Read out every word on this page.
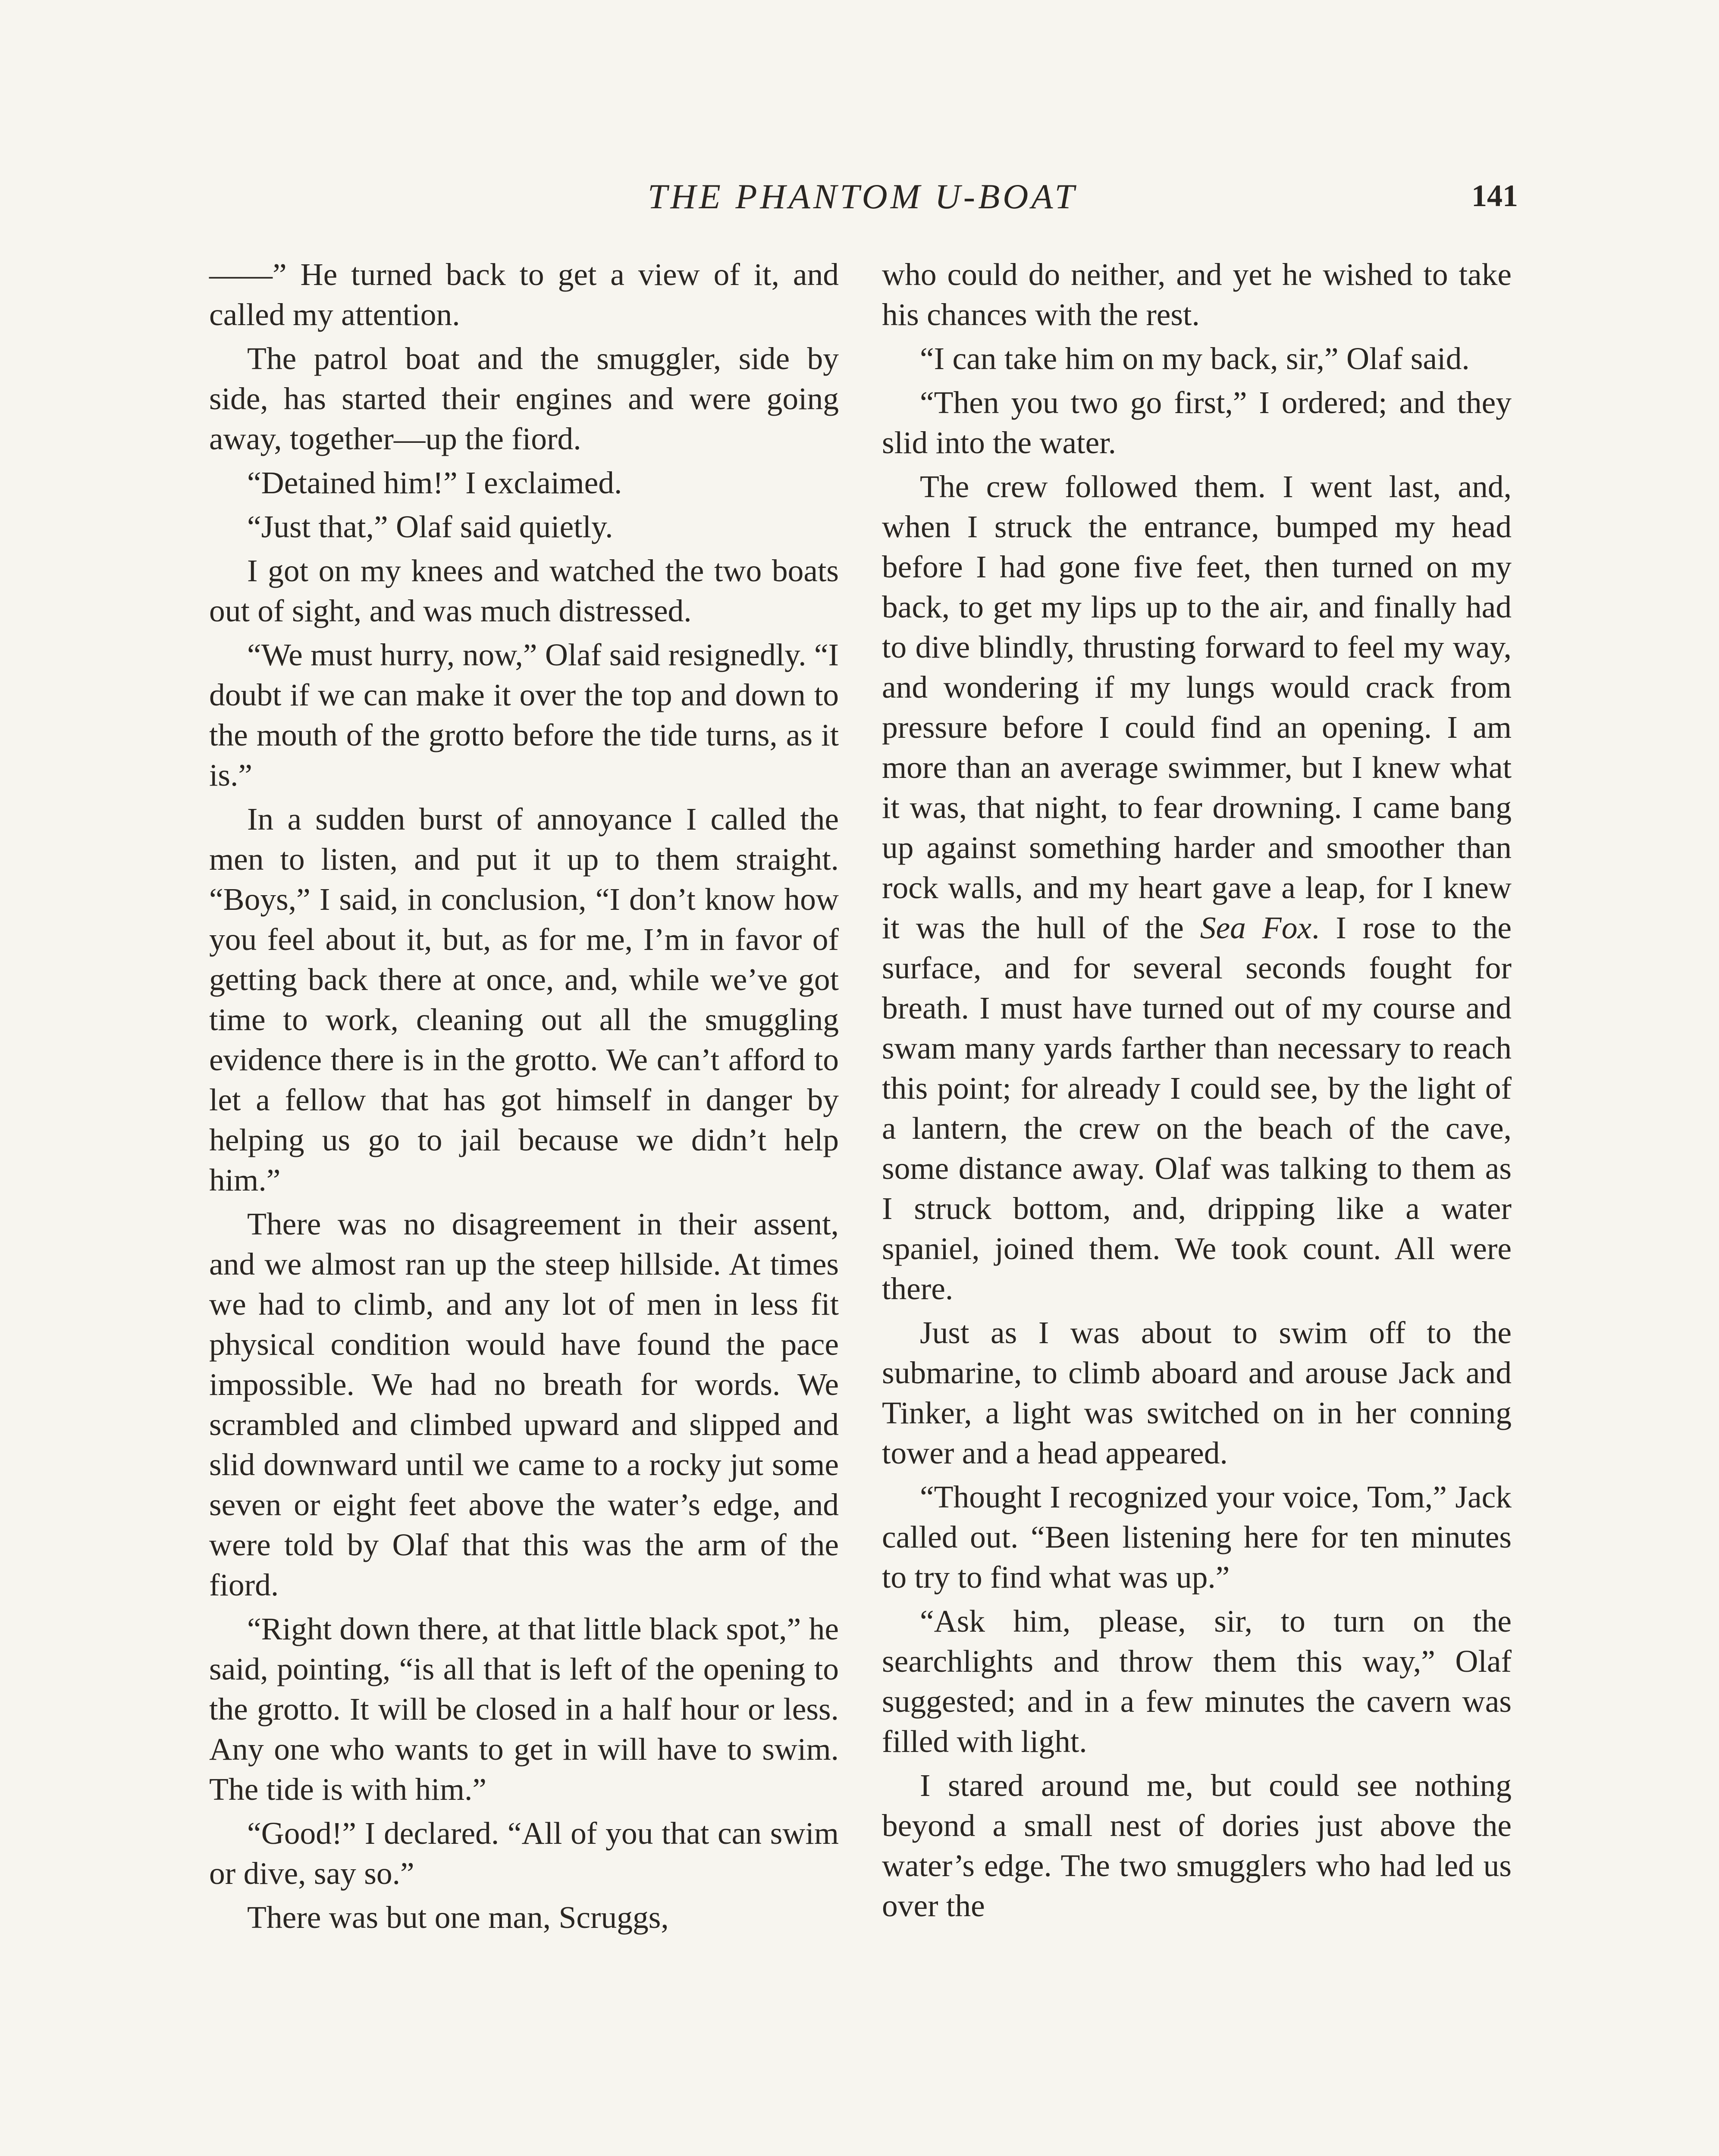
THE PHANTOM U-BOAT	141

——” He turned back to get a view of it, and called my attention.

The patrol boat and the smuggler, side by side, has started their engines and were going away, together—up the fiord.

“Detained him!” I exclaimed.

“Just that,” Olaf said quietly.

I got on my knees and watched the two boats out of sight, and was much distressed.

“We must hurry, now,” Olaf said resignedly. “I doubt if we can make it over the top and down to the mouth of the grotto before the tide turns, as it is.”

In a sudden burst of annoyance I called the men to listen, and put it up to them straight. “Boys,” I said, in conclusion, “I don’t know how you feel about it, but, as for me, I’m in favor of getting back there at once, and, while we’ve got time to work, cleaning out all the smuggling evidence there is in the grotto. We can’t afford to let a fellow that has got himself in danger by helping us go to jail because we didn’t help him.”

There was no disagreement in their assent, and we almost ran up the steep hillside. At times we had to climb, and any lot of men in less fit physical condition would have found the pace impossible. We had no breath for words. We scrambled and climbed upward and slipped and slid downward until we came to a rocky jut some seven or eight feet above the water’s edge, and were told by Olaf that this was the arm of the fiord.

“Right down there, at that little black spot,” he said, pointing, “is all that is left of the opening to the grotto. It will be closed in a half hour or less. Any one who wants to get in will have to swim. The tide is with him.”

“Good!” I declared. “All of you that can swim or dive, say so.”

There was but one man, Scruggs,

who could do neither, and yet he wished to take his chances with the rest.

“I can take him on my back, sir,” Olaf said.

“Then you two go first,” I ordered; and they slid into the water.

The crew followed them. I went last, and, when I struck the entrance, bumped my head before I had gone five feet, then turned on my back, to get my lips up to the air, and finally had to dive blindly, thrusting forward to feel my way, and wondering if my lungs would crack from pressure before I could find an opening. I am more than an average swimmer, but I knew what it was, that night, to fear drowning. I came bang up against something harder and smoother than rock walls, and my heart gave a leap, for I knew it was the hull of the Sea Fox. I rose to the surface, and for several seconds fought for breath. I must have turned out of my course and swam many yards farther than necessary to reach this point; for already I could see, by the light of a lantern, the crew on the beach of the cave, some distance away. Olaf was talking to them as I struck bottom, and, dripping like a water spaniel, joined them. We took count. All were there.

Just as I was about to swim off to the submarine, to climb aboard and arouse Jack and Tinker, a light was switched on in her conning tower and a head appeared.

“Thought I recognized your voice, Tom,” Jack called out. “Been listening here for ten minutes to try to find what was up.”

“Ask him, please, sir, to turn on the searchlights and throw them this way,” Olaf suggested; and in a few minutes the cavern was filled with light.

I stared around me, but could see nothing beyond a small nest of dories just above the water’s edge. The two smugglers who had led us over the
